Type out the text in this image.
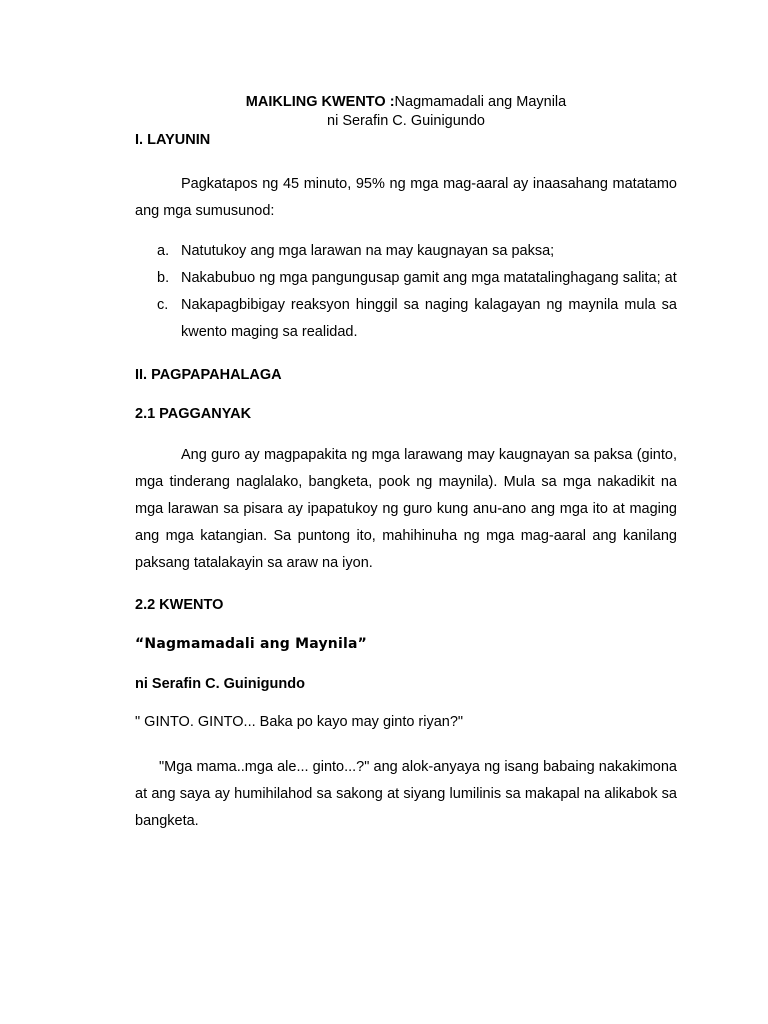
MAIKLING KWENTO :Nagmamadali ang Maynila

ni Serafin C. Guinigundo

I. LAYUNIN

Pagkatapos ng 45 minuto, 95% ng mga mag-aaral ay inaasahang matatamo ang mga sumusunod:

a. Natutukoy ang mga larawan na may kaugnayan sa paksa;
b. Nakabubuo ng mga pangungusap gamit ang mga matatalinghagang salita; at
c. Nakapagbibigay reaksyon hinggil sa naging kalagayan ng maynila mula sa kwento maging sa realidad.

II. PAGPAPAHALAGA

2.1 PAGGANYAK

Ang guro ay magpapakita ng mga larawang may kaugnayan sa paksa (ginto, mga tinderang naglalako, bangketa, pook ng maynila). Mula sa mga nakadikit na mga larawan sa pisara ay ipapatukoy ng guro kung anu-ano ang mga ito at maging ang mga katangian. Sa puntong ito, mahihinuha ng mga mag-aaral ang kanilang paksang tatalakayin sa araw na iyon.

2.2 KWENTO

“Nagmamadali ang Maynila”

ni Serafin C. Guinigundo

" GINTO. GINTO... Baka po kayo may ginto riyan?"

"Mga mama..mga ale... ginto...?" ang alok-anyaya ng isang babaing nakakimona at ang saya ay humihilahod sa sakong at siyang lumilinis sa makapal na alikabok sa bangketa.
